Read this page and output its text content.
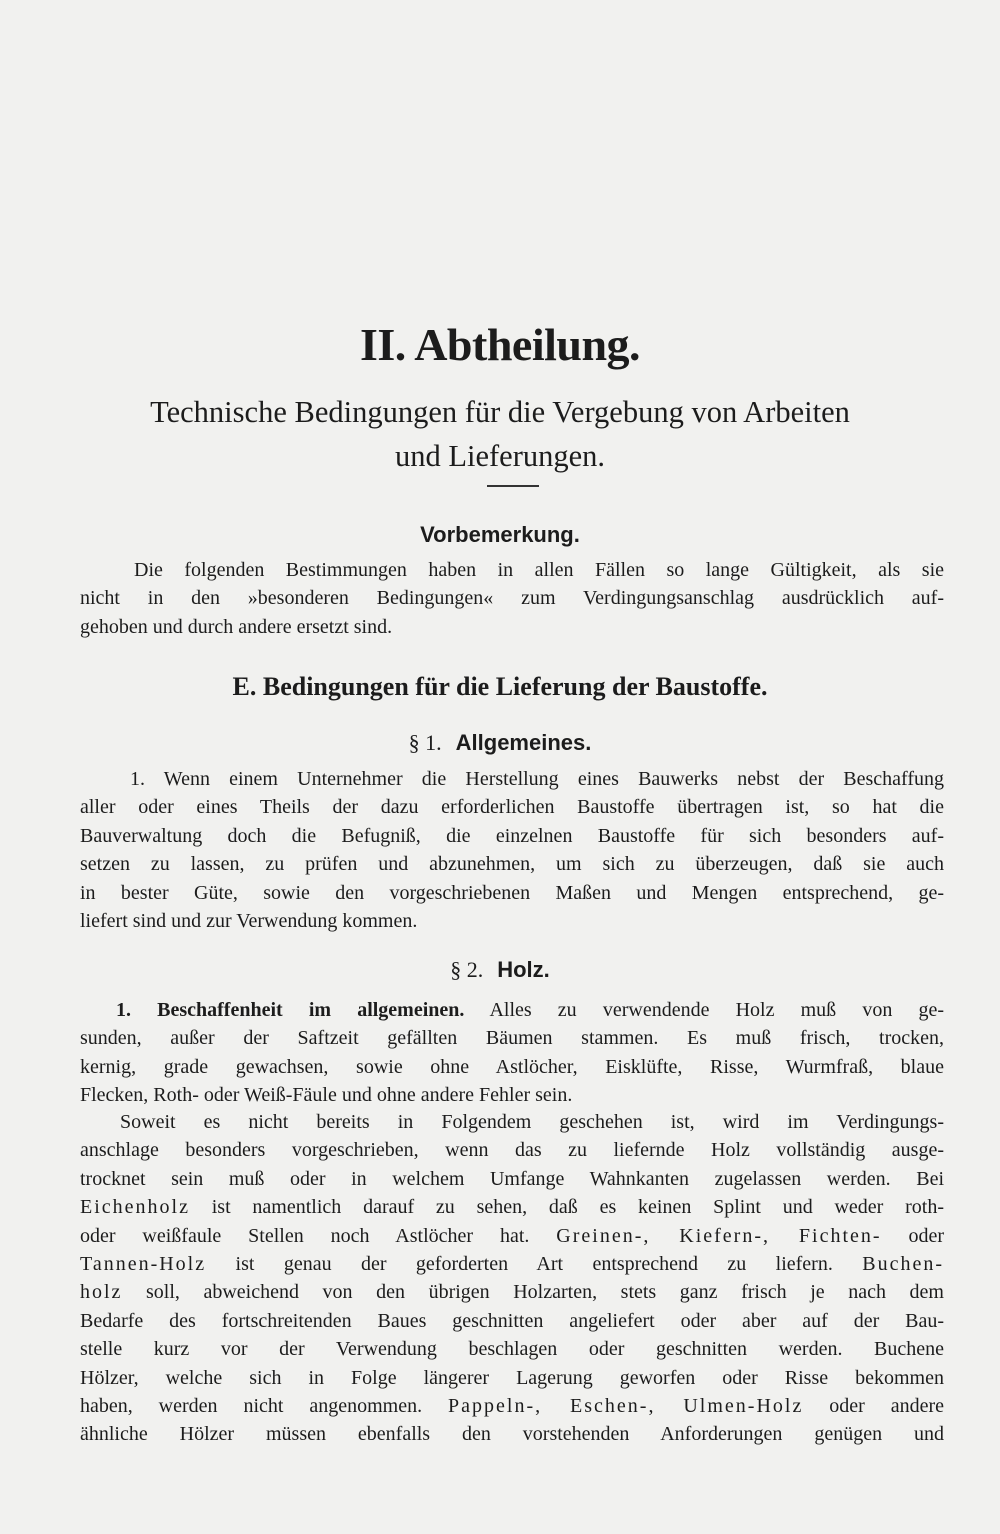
II. Abtheilung.
Technische Bedingungen für die Vergebung von Arbeiten
und Lieferungen.
Vorbemerkung.
Die folgenden Bestimmungen haben in allen Fällen so lange Gültigkeit, als sie
nicht in den »besonderen Bedingungen« zum Verdingungsanschlag ausdrücklich auf-
gehoben und durch andere ersetzt sind.
E. Bedingungen für die Lieferung der Baustoffe.
§ 1. Allgemeines.
1. Wenn einem Unternehmer die Herstellung eines Bauwerks nebst der Beschaffung
aller oder eines Theils der dazu erforderlichen Baustoffe übertragen ist, so hat die
Bauverwaltung doch die Befugniß, die einzelnen Baustoffe für sich besonders auf-
setzen zu lassen, zu prüfen und abzunehmen, um sich zu überzeugen, daß sie auch
in bester Güte, sowie den vorgeschriebenen Maßen und Mengen entsprechend, ge-
liefert sind und zur Verwendung kommen.
§ 2. Holz.
1. Beschaffenheit im allgemeinen. Alles zu verwendende Holz muß von ge-
sunden, außer der Saftzeit gefällten Bäumen stammen. Es muß frisch, trocken,
kernig, grade gewachsen, sowie ohne Astlöcher, Eisklüfte, Risse, Wurmfraß, blaue
Flecken, Roth- oder Weiß-Fäule und ohne andere Fehler sein.
Soweit es nicht bereits in Folgendem geschehen ist, wird im Verdingungs-
anschlage besonders vorgeschrieben, wenn das zu liefernde Holz vollständig ausge-
trocknet sein muß oder in welchem Umfange Wahnkanten zugelassen werden. Bei
Eichenholz ist namentlich darauf zu sehen, daß es keinen Splint und weder roth-
oder weißfaule Stellen noch Astlöcher hat. Greinen-, Kiefern-, Fichten- oder
Tannen-Holz ist genau der geforderten Art entsprechend zu liefern. Buchen-
holz soll, abweichend von den übrigen Holzarten, stets ganz frisch je nach dem
Bedarfe des fortschreitenden Baues geschnitten angeliefert oder aber auf der Bau-
stelle kurz vor der Verwendung beschlagen oder geschnitten werden. Buchene
Hölzer, welche sich in Folge längerer Lagerung geworfen oder Risse bekommen
haben, werden nicht angenommen. Pappeln-, Eschen-, Ulmen-Holz oder andere
ähnliche Hölzer müssen ebenfalls den vorstehenden Anforderungen genügen und
